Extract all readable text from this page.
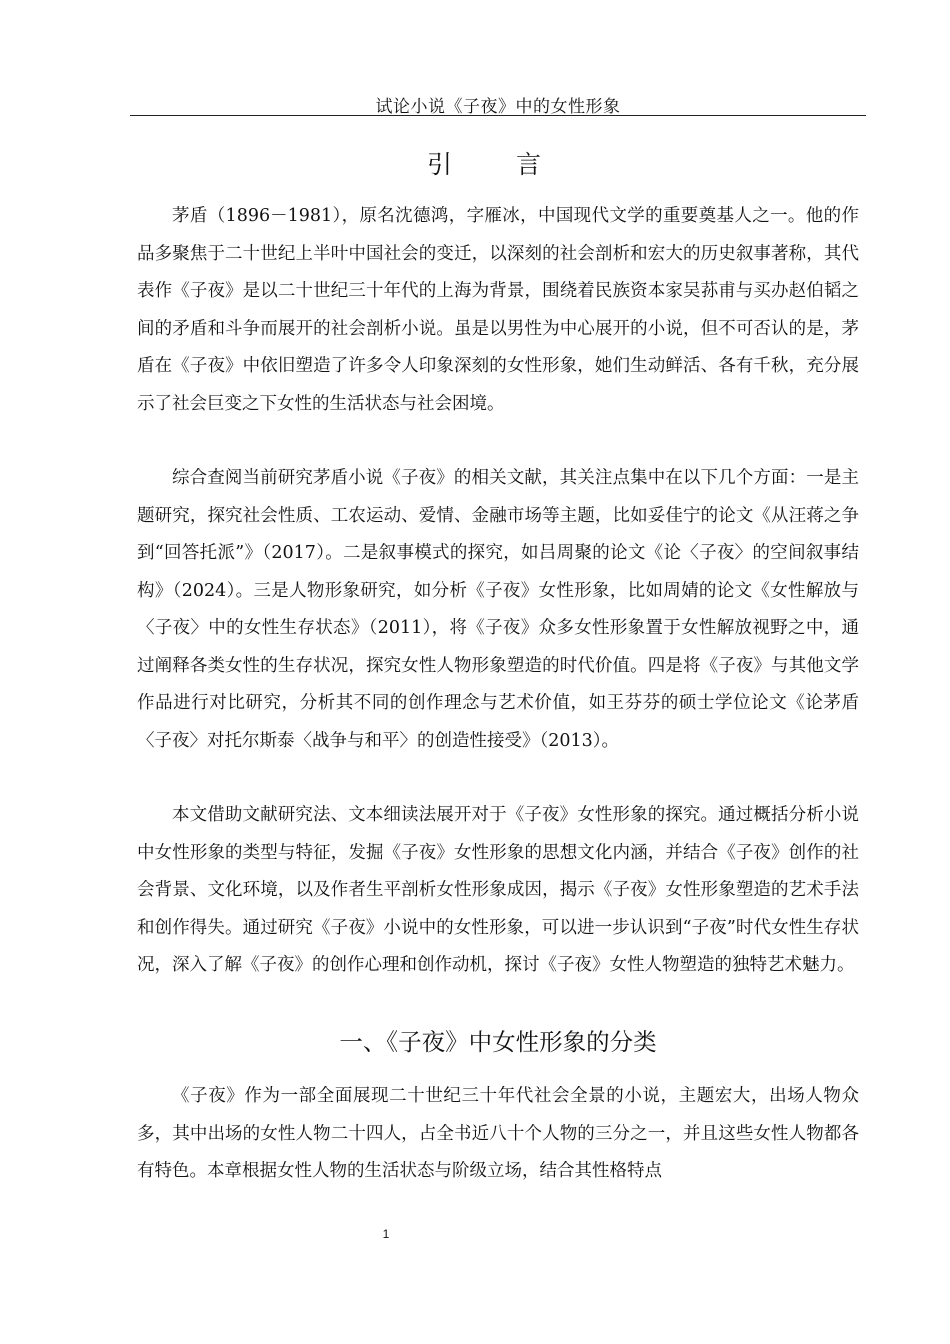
试论小说《子夜》中的女性形象
引 言

茅盾（1896－1981），原名沈德鸿，字雁冰，中国现代文学的重要奠基人之一。他的作品多聚焦于二十世纪上半叶中国社会的变迁，以深刻的社会剖析和宏大的历史叙事著称，其代表作《子夜》是以二十世纪三十年代的上海为背景，围绕着民族资本家吴荪甫与买办赵伯韬之间的矛盾和斗争而展开的社会剖析小说。虽是以男性为中心展开的小说，但不可否认的是，茅盾在《子夜》中依旧塑造了许多令人印象深刻的女性形象，她们生动鲜活、各有千秋，充分展示了社会巨变之下女性的生活状态与社会困境。

综合查阅当前研究茅盾小说《子夜》的相关文献，其关注点集中在以下几个方面：一是主题研究，探究社会性质、工农运动、爱情、金融市场等主题，比如妥佳宁的论文《从汪蒋之争到“回答托派”》（2017）。二是叙事模式的探究，如吕周聚的论文《论〈子夜〉的空间叙事结构》（2024）。三是人物形象研究，如分析《子夜》女性形象，比如周婧的论文《女性解放与〈子夜〉中的女性生存状态》（2011），将《子夜》众多女性形象置于女性解放视野之中，通过阐释各类女性的生存状况，探究女性人物形象塑造的时代价值。四是将《子夜》与其他文学作品进行对比研究，分析其不同的创作理念与艺术价值，如王芬芬的硕士学位论文《论茅盾〈子夜〉对托尔斯泰〈战争与和平〉的创造性接受》（2013）。

本文借助文献研究法、文本细读法展开对于《子夜》女性形象的探究。通过概括分析小说中女性形象的类型与特征，发掘《子夜》女性形象的思想文化内涵，并结合《子夜》创作的社会背景、文化环境，以及作者生平剖析女性形象成因，揭示《子夜》女性形象塑造的艺术手法和创作得失。通过研究《子夜》小说中的女性形象，可以进一步认识到“子夜”时代女性生存状况，深入了解《子夜》的创作心理和创作动机，探讨《子夜》女性人物塑造的独特艺术魅力。

一、《子夜》中女性形象的分类

《子夜》作为一部全面展现二十世纪三十年代社会全景的小说，主题宏大，出场人物众多，其中出场的女性人物二十四人，占全书近八十个人物的三分之一，并且这些女性人物都各有特色。本章根据女性人物的生活状态与阶级立场，结合其性格特点

1
